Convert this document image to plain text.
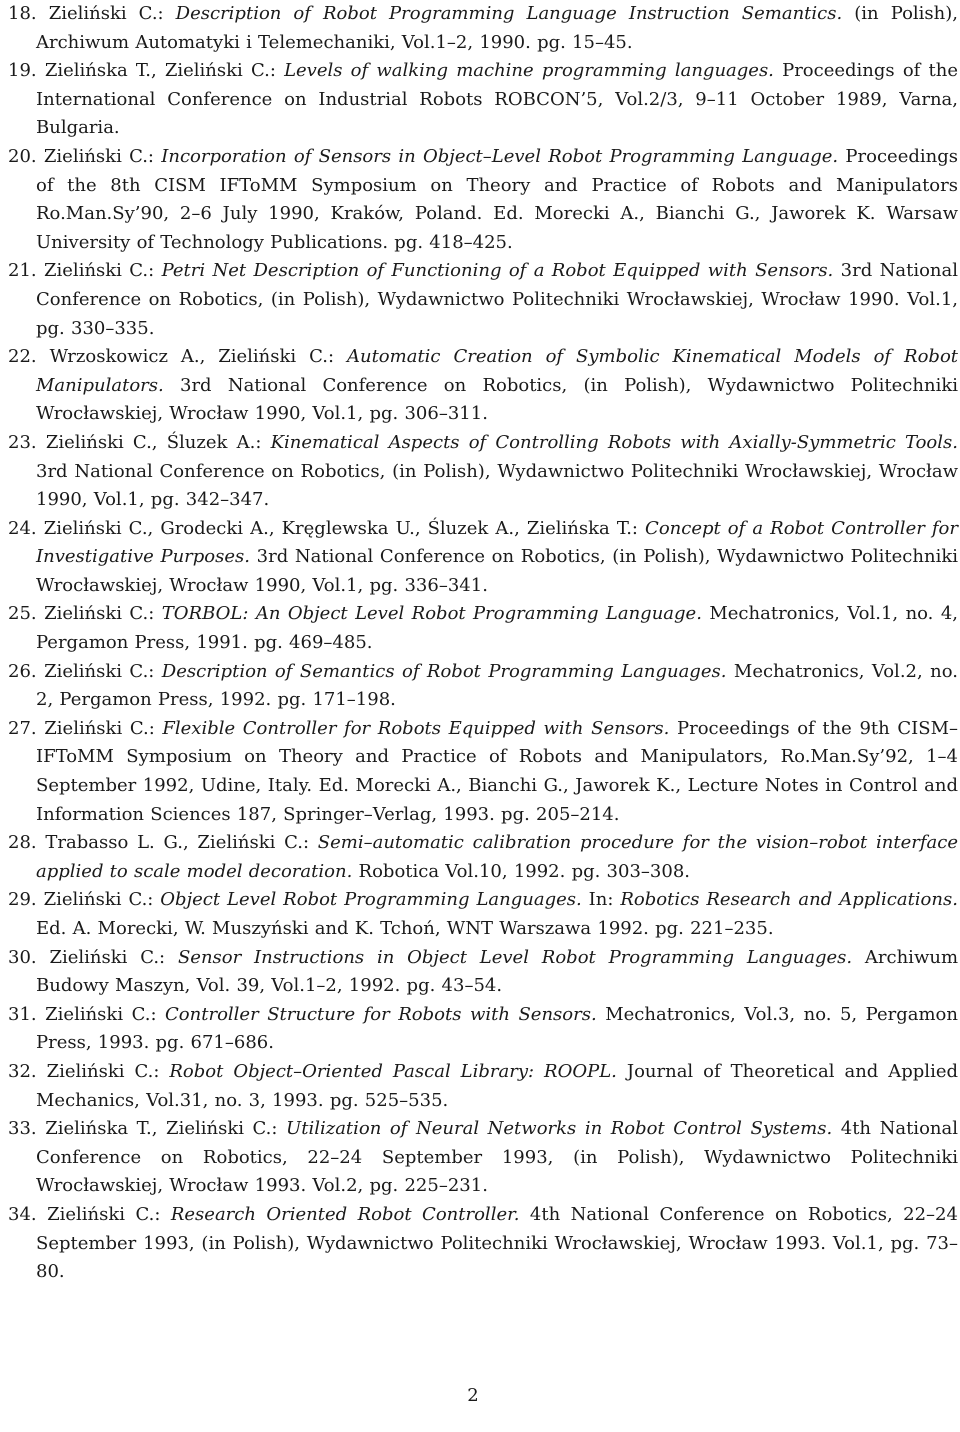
18. Zieliński C.: Description of Robot Programming Language Instruction Semantics. (in Polish), Archiwum Automatyki i Telemechaniki, Vol.1–2, 1990. pg. 15–45.
19. Zielińska T., Zieliński C.: Levels of walking machine programming languages. Proceedings of the International Conference on Industrial Robots ROBCON’5, Vol.2/3, 9–11 October 1989, Varna, Bulgaria.
20. Zieliński C.: Incorporation of Sensors in Object–Level Robot Programming Language. Proceedings of the 8th CISM IFToMM Symposium on Theory and Practice of Robots and Manipulators Ro.Man.Sy’90, 2–6 July 1990, Kraków, Poland. Ed. Morecki A., Bianchi G., Jaworek K. Warsaw University of Technology Publications. pg. 418–425.
21. Zieliński C.: Petri Net Description of Functioning of a Robot Equipped with Sensors. 3rd National Conference on Robotics, (in Polish), Wydawnictwo Politechniki Wrocławskiej, Wrocław 1990. Vol.1, pg. 330–335.
22. Wrzoskowicz A., Zieliński C.: Automatic Creation of Symbolic Kinematical Models of Robot Manipulators. 3rd National Conference on Robotics, (in Polish), Wydawnictwo Politechniki Wrocławskiej, Wrocław 1990, Vol.1, pg. 306–311.
23. Zieliński C., Śluzek A.: Kinematical Aspects of Controlling Robots with Axially-Symmetric Tools. 3rd National Conference on Robotics, (in Polish), Wydawnictwo Politechniki Wrocławskiej, Wrocław 1990, Vol.1, pg. 342–347.
24. Zieliński C., Grodecki A., Kręglewska U., Śluzek A., Zielińska T.: Concept of a Robot Controller for Investigative Purposes. 3rd National Conference on Robotics, (in Polish), Wydawnictwo Politechniki Wrocławskiej, Wrocław 1990, Vol.1, pg. 336–341.
25. Zieliński C.: TORBOL: An Object Level Robot Programming Language. Mechatronics, Vol.1, no. 4, Pergamon Press, 1991. pg. 469–485.
26. Zieliński C.: Description of Semantics of Robot Programming Languages. Mechatronics, Vol.2, no. 2, Pergamon Press, 1992. pg. 171–198.
27. Zieliński C.: Flexible Controller for Robots Equipped with Sensors. Proceedings of the 9th CISM–IFToMM Symposium on Theory and Practice of Robots and Manipulators, Ro.Man.Sy’92, 1–4 September 1992, Udine, Italy. Ed. Morecki A., Bianchi G., Jaworek K., Lecture Notes in Control and Information Sciences 187, Springer–Verlag, 1993. pg. 205–214.
28. Trabasso L. G., Zieliński C.: Semi–automatic calibration procedure for the vision–robot interface applied to scale model decoration. Robotica Vol.10, 1992. pg. 303–308.
29. Zieliński C.: Object Level Robot Programming Languages. In: Robotics Research and Applications. Ed. A. Morecki, W. Muszyński and K. Tchoń, WNT Warszawa 1992. pg. 221–235.
30. Zieliński C.: Sensor Instructions in Object Level Robot Programming Languages. Archiwum Budowy Maszyn, Vol. 39, Vol.1–2, 1992. pg. 43–54.
31. Zieliński C.: Controller Structure for Robots with Sensors. Mechatronics, Vol.3, no. 5, Pergamon Press, 1993. pg. 671–686.
32. Zieliński C.: Robot Object–Oriented Pascal Library: ROOPL. Journal of Theoretical and Applied Mechanics, Vol.31, no. 3, 1993. pg. 525–535.
33. Zielińska T., Zieliński C.: Utilization of Neural Networks in Robot Control Systems. 4th National Conference on Robotics, 22–24 September 1993, (in Polish), Wydawnictwo Politechniki Wrocławskiej, Wrocław 1993. Vol.2, pg. 225–231.
34. Zieliński C.: Research Oriented Robot Controller. 4th National Conference on Robotics, 22–24 September 1993, (in Polish), Wydawnictwo Politechniki Wrocławskiej, Wrocław 1993. Vol.1, pg. 73–80.
2
